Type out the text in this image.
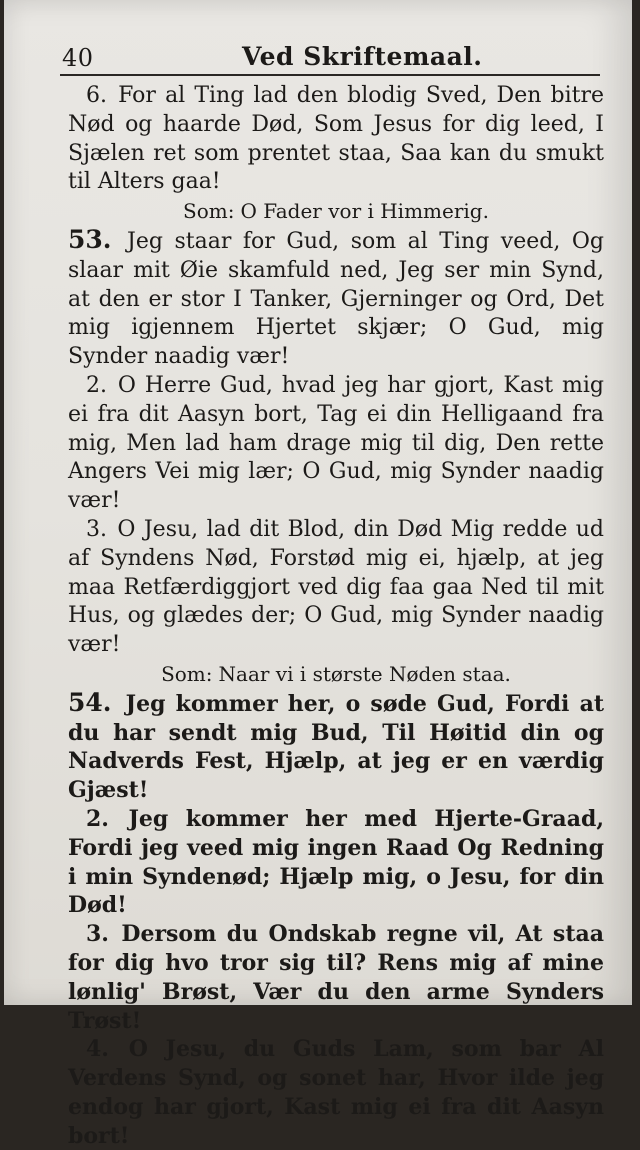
40	Ved Skriftemaal.

6. For al Ting lad den blodig Sved, Den bitre Nød og haarde Død, Som Jesus for dig leed, I Sjælen ret som prentet staa, Saa kan du smukt til Alters gaa!

Som: O Fader vor i Himmerig.

53. Jeg staar for Gud, som al Ting veed, Og slaar mit Øie skamfuld ned, Jeg ser min Synd, at den er stor I Tanker, Gjerninger og Ord, Det mig igjennem Hjertet skjær; O Gud, mig Synder naadig vær!

2. O Herre Gud, hvad jeg har gjort, Kast mig ei fra dit Aasyn bort, Tag ei din Helligaand fra mig, Men lad ham drage mig til dig, Den rette Angers Vei mig lær; O Gud, mig Synder naadig vær!

3. O Jesu, lad dit Blod, din Død Mig redde ud af Syndens Nød, Forstød mig ei, hjælp, at jeg maa Retfærdiggjort ved dig faa gaa Ned til mit Hus, og glædes der; O Gud, mig Synder naadig vær!

Som: Naar vi i største Nøden staa.

54. Jeg kommer her, o søde Gud, Fordi at du har sendt mig Bud, Til Høitid din og Nadverds Fest, Hjælp, at jeg er en værdig Gjæst!

2. Jeg kommer her med Hjerte-Graad, Fordi jeg veed mig ingen Raad Og Redning i min Syndenød; Hjælp mig, o Jesu, for din Død!

3. Dersom du Ondskab regne vil, At staa for dig hvo tror sig til? Rens mig af mine lønlig' Brøst, Vær du den arme Synders Trøst!

4. O Jesu, du Guds Lam, som bar Al Verdens Synd, og sonet har, Hvor ilde jeg endog har gjort, Kast mig ei fra dit Aasyn bort!
